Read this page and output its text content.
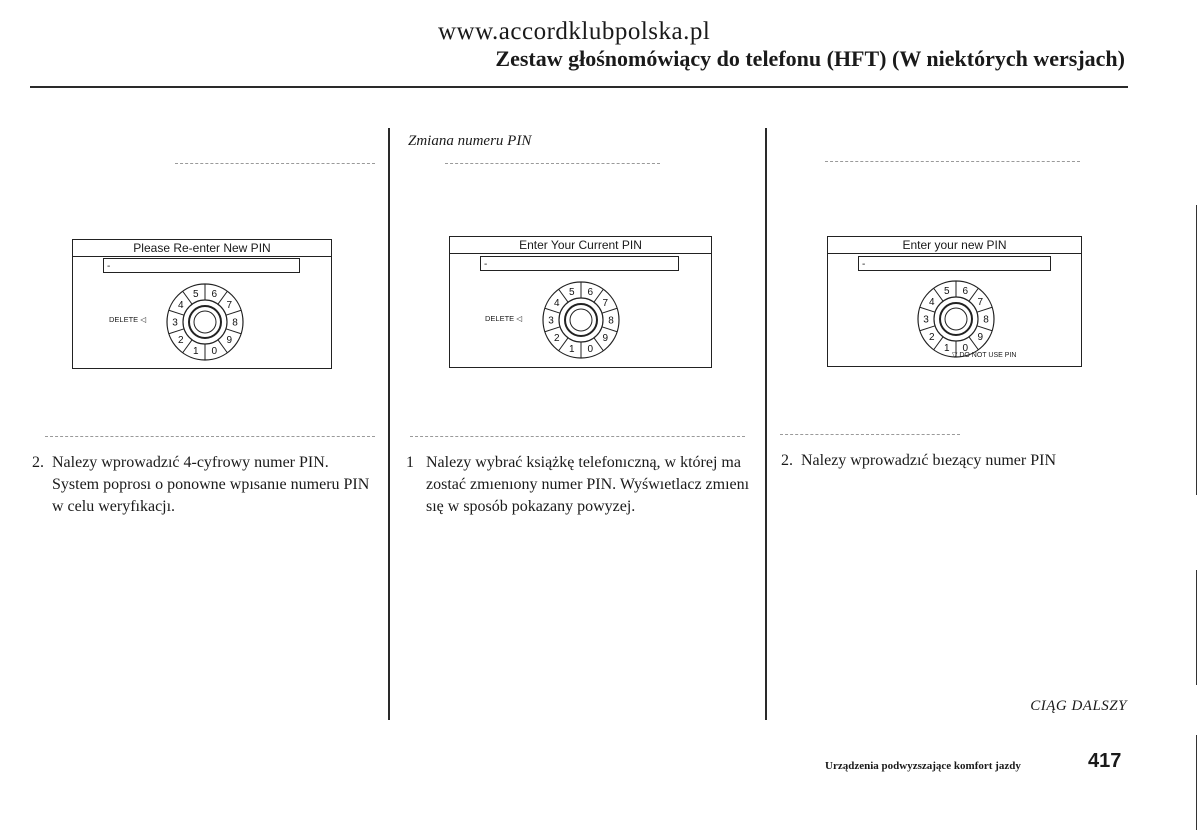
www.accordklubpolska.pl
Zestaw głośnomówiący do telefonu (HFT) (W niektórych wersjach)
Zmiana numeru PIN
Please Re-enter New PIN
-
DELETE ◁
4
5 6
7
8
9
0
1
2
3
Enter Your Current PIN
-
DELETE ◁
4
5 6
7
8
9
0
1
2
3
Enter your new PIN
-
4
5 6
7
8
9
0
1
2
3
▽ DO NOT USE PIN
2. Nalezy wprowadzıć 4-cyfrowy numer PIN. System poprosı o ponowne wpısanıe numeru PIN w celu weryfıkacjı.
1 Nalezy wybrać książkę telefonıczną, w której ma zostać zmıenıony numer PIN. Wyśwıetlacz zmıenı sıę w sposób pokazany powyzej.
2. Nalezy wprowadzıć bıezący numer PIN
CIĄG DALSZY
Urządzenia podwyzszające komfort jazdy	417
